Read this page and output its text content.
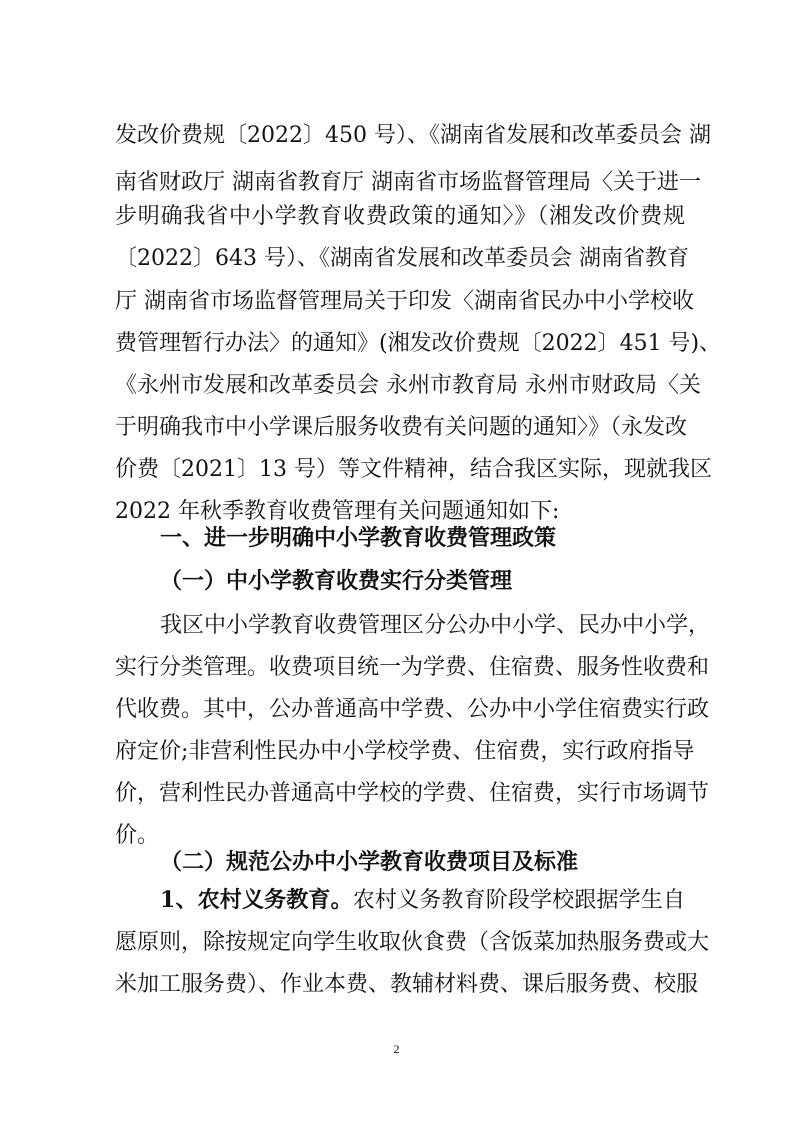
发改价费规〔2022〕450 号）、《湖南省发展和改革委员会 湖
南省财政厅 湖南省教育厅 湖南省市场监督管理局〈关于进一
步明确我省中小学教育收费政策的通知〉》（湘发改价费规
〔2022〕643 号）、《湖南省发展和改革委员会 湖南省教育
厅 湖南省市场监督管理局关于印发〈湖南省民办中小学校收
费管理暂行办法〉的通知》(湘发改价费规〔2022〕451 号)、
《永州市发展和改革委员会 永州市教育局 永州市财政局〈关
于明确我市中小学课后服务收费有关问题的通知〉》（永发改
价费〔2021〕13 号）等文件精神，结合我区实际，现就我区
2022 年秋季教育收费管理有关问题通知如下:
一、进一步明确中小学教育收费管理政策
（一）中小学教育收费实行分类管理
我区中小学教育收费管理区分公办中小学、民办中小学，
实行分类管理。收费项目统一为学费、住宿费、服务性收费和
代收费。其中，公办普通高中学费、公办中小学住宿费实行政
府定价;非营利性民办中小学校学费、住宿费，实行政府指导
价，营利性民办普通高中学校的学费、住宿费，实行市场调节
价。
（二）规范公办中小学教育收费项目及标准
1、农村义务教育。农村义务教育阶段学校跟据学生自
愿原则，除按规定向学生收取伙食费（含饭菜加热服务费或大
米加工服务费）、作业本费、教辅材料费、课后服务费、校服
2
